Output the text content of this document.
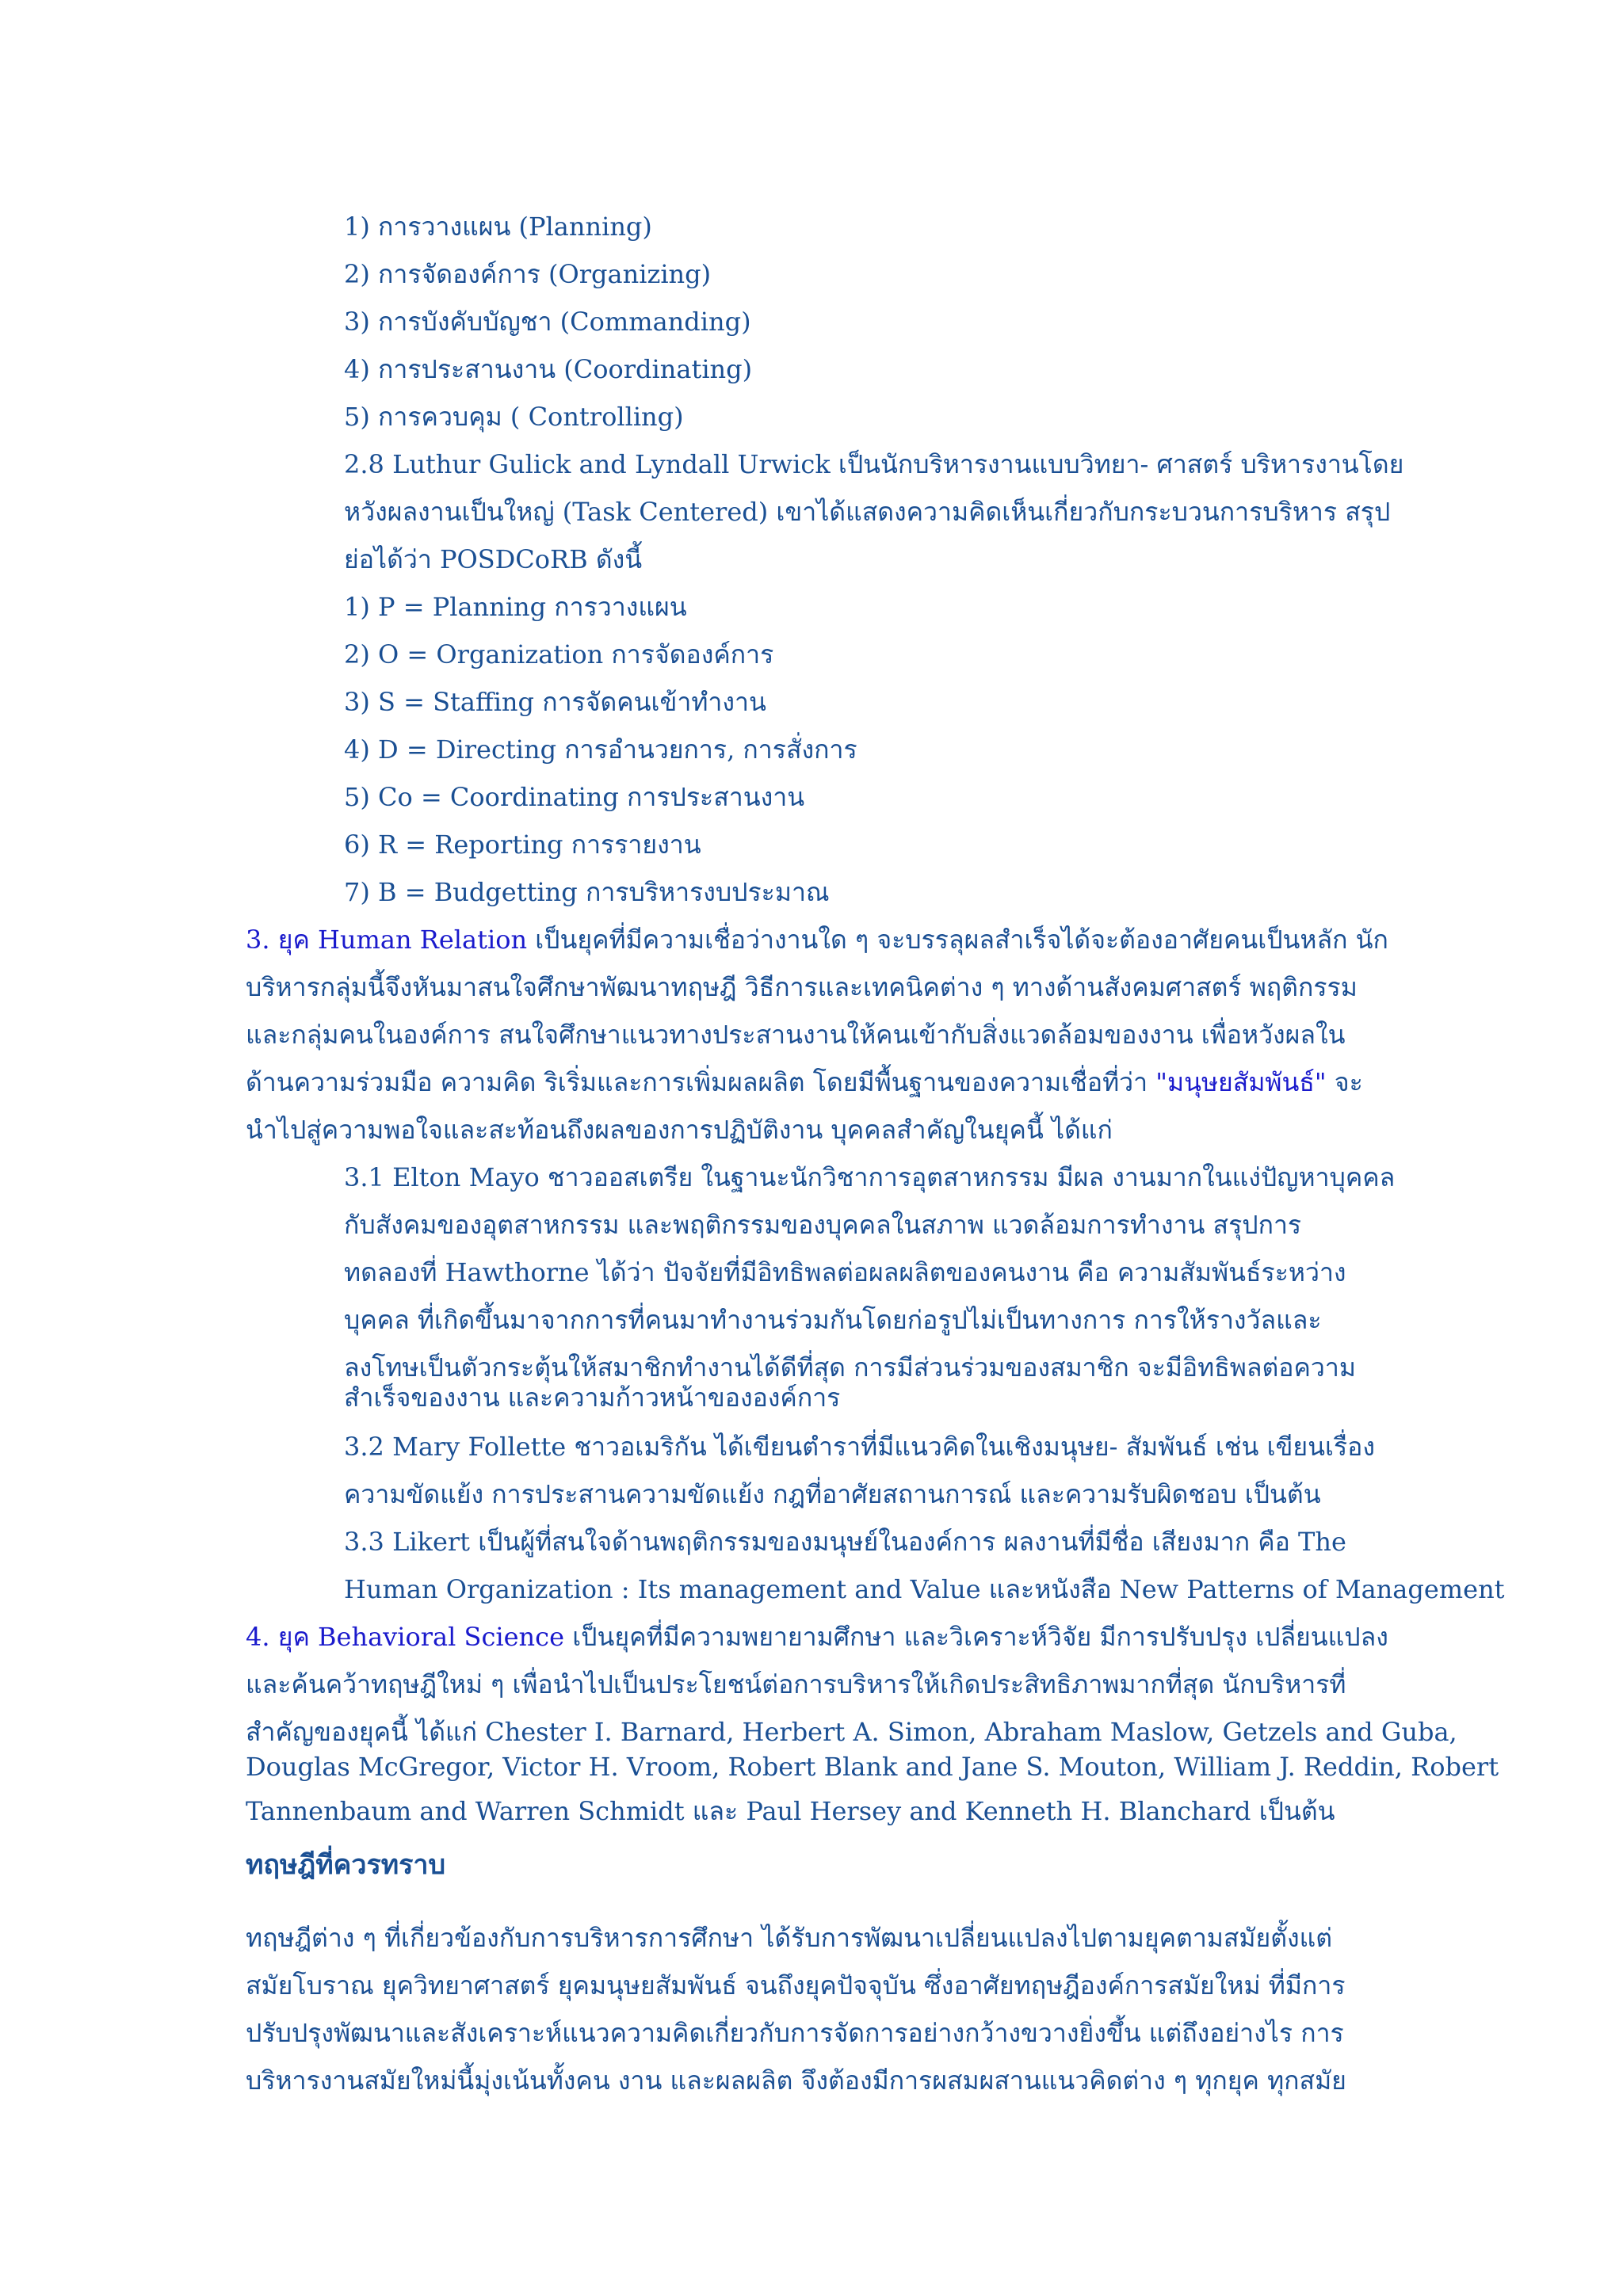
1) การวางแผน (Planning)
2) การจัดองค์การ (Organizing)
3) การบังคับบัญชา (Commanding)
4) การประสานงาน (Coordinating)
5) การควบคุม ( Controlling)
2.8 Luthur Gulick and Lyndall Urwick เป็นนักบริหารงานแบบวิทยา- ศาสตร์ บริหารงานโดย
หวังผลงานเป็นใหญ่ (Task Centered) เขาได้แสดงความคิดเห็นเกี่ยวกับกระบวนการบริหาร สรุป
ย่อได้ว่า POSDCoRB ดังนี้
1) P = Planning การวางแผน
2) O = Organization การจัดองค์การ
3) S = Staffing การจัดคนเข้าทำงาน
4) D = Directing การอำนวยการ, การสั่งการ
5) Co = Coordinating การประสานงาน
6) R = Reporting การรายงาน
7) B = Budgetting การบริหารงบประมาณ
3. ยุค Human Relation เป็นยุคที่มีความเชื่อว่างานใด ๆ จะบรรลุผลสำเร็จได้จะต้องอาศัยคนเป็นหลัก นัก
บริหารกลุ่มนี้จึงหันมาสนใจศึกษาพัฒนาทฤษฎี วิธีการและเทคนิคต่าง ๆ ทางด้านสังคมศาสตร์ พฤติกรรม
และกลุ่มคนในองค์การ สนใจศึกษาแนวทางประสานงานให้คนเข้ากับสิ่งแวดล้อมของงาน เพื่อหวังผลใน
ด้านความร่วมมือ ความคิด ริเริ่มและการเพิ่มผลผลิต โดยมีพื้นฐานของความเชื่อที่ว่า "มนุษยสัมพันธ์" จะ
นำไปสู่ความพอใจและสะท้อนถึงผลของการปฏิบัติงาน บุคคลสำคัญในยุคนี้ ได้แก่
3.1 Elton Mayo ชาวออสเตรีย ในฐานะนักวิชาการอุตสาหกรรม มีผล งานมากในแง่ปัญหาบุคคล
กับสังคมของอุตสาหกรรม และพฤติกรรมของบุคคลในสภาพ แวดล้อมการทำงาน สรุปการ
ทดลองที่ Hawthorne ได้ว่า ปัจจัยที่มีอิทธิพลต่อผลผลิตของคนงาน คือ ความสัมพันธ์ระหว่าง
บุคคล ที่เกิดขึ้นมาจากการที่คนมาทำงานร่วมกันโดยก่อรูปไม่เป็นทางการ การให้รางวัลและ
ลงโทษเป็นตัวกระตุ้นให้สมาชิกทำงานได้ดีที่สุด การมีส่วนร่วมของสมาชิก จะมีอิทธิพลต่อความ
สำเร็จของงาน และความก้าวหน้าขององค์การ
3.2 Mary Follette ชาวอเมริกัน ได้เขียนตำราที่มีแนวคิดในเชิงมนุษย- สัมพันธ์ เช่น เขียนเรื่อง
ความขัดแย้ง การประสานความขัดแย้ง กฎที่อาศัยสถานการณ์ และความรับผิดชอบ เป็นต้น
3.3 Likert เป็นผู้ที่สนใจด้านพฤติกรรมของมนุษย์ในองค์การ ผลงานที่มีชื่อ เสียงมาก คือ The
Human Organization : Its management and Value และหนังสือ New Patterns of Management
4. ยุค Behavioral Science เป็นยุคที่มีความพยายามศึกษา และวิเคราะห์วิจัย มีการปรับปรุง เปลี่ยนแปลง
และค้นคว้าทฤษฎีใหม่ ๆ เพื่อนำไปเป็นประโยชน์ต่อการบริหารให้เกิดประสิทธิภาพมากที่สุด นักบริหารที่
สำคัญของยุคนี้ ได้แก่ Chester I. Barnard, Herbert A. Simon, Abraham Maslow, Getzels and Guba,
Douglas McGregor, Victor H. Vroom, Robert Blank and Jane S. Mouton, William J. Reddin, Robert
Tannenbaum and Warren Schmidt และ Paul Hersey and Kenneth H. Blanchard เป็นต้น
ทฤษฎีที่ควรทราบ
ทฤษฎีต่าง ๆ ที่เกี่ยวข้องกับการบริหารการศึกษา ได้รับการพัฒนาเปลี่ยนแปลงไปตามยุคตามสมัยตั้งแต่
สมัยโบราณ ยุควิทยาศาสตร์ ยุคมนุษยสัมพันธ์ จนถึงยุคปัจจุบัน ซึ่งอาศัยทฤษฎีองค์การสมัยใหม่ ที่มีการ
ปรับปรุงพัฒนาและสังเคราะห์แนวความคิดเกี่ยวกับการจัดการอย่างกว้างขวางยิ่งขึ้น แต่ถึงอย่างไร การ
บริหารงานสมัยใหม่นี้มุ่งเน้นทั้งคน งาน และผลผลิต จึงต้องมีการผสมผสานแนวคิดต่าง ๆ ทุกยุค ทุกสมัย
